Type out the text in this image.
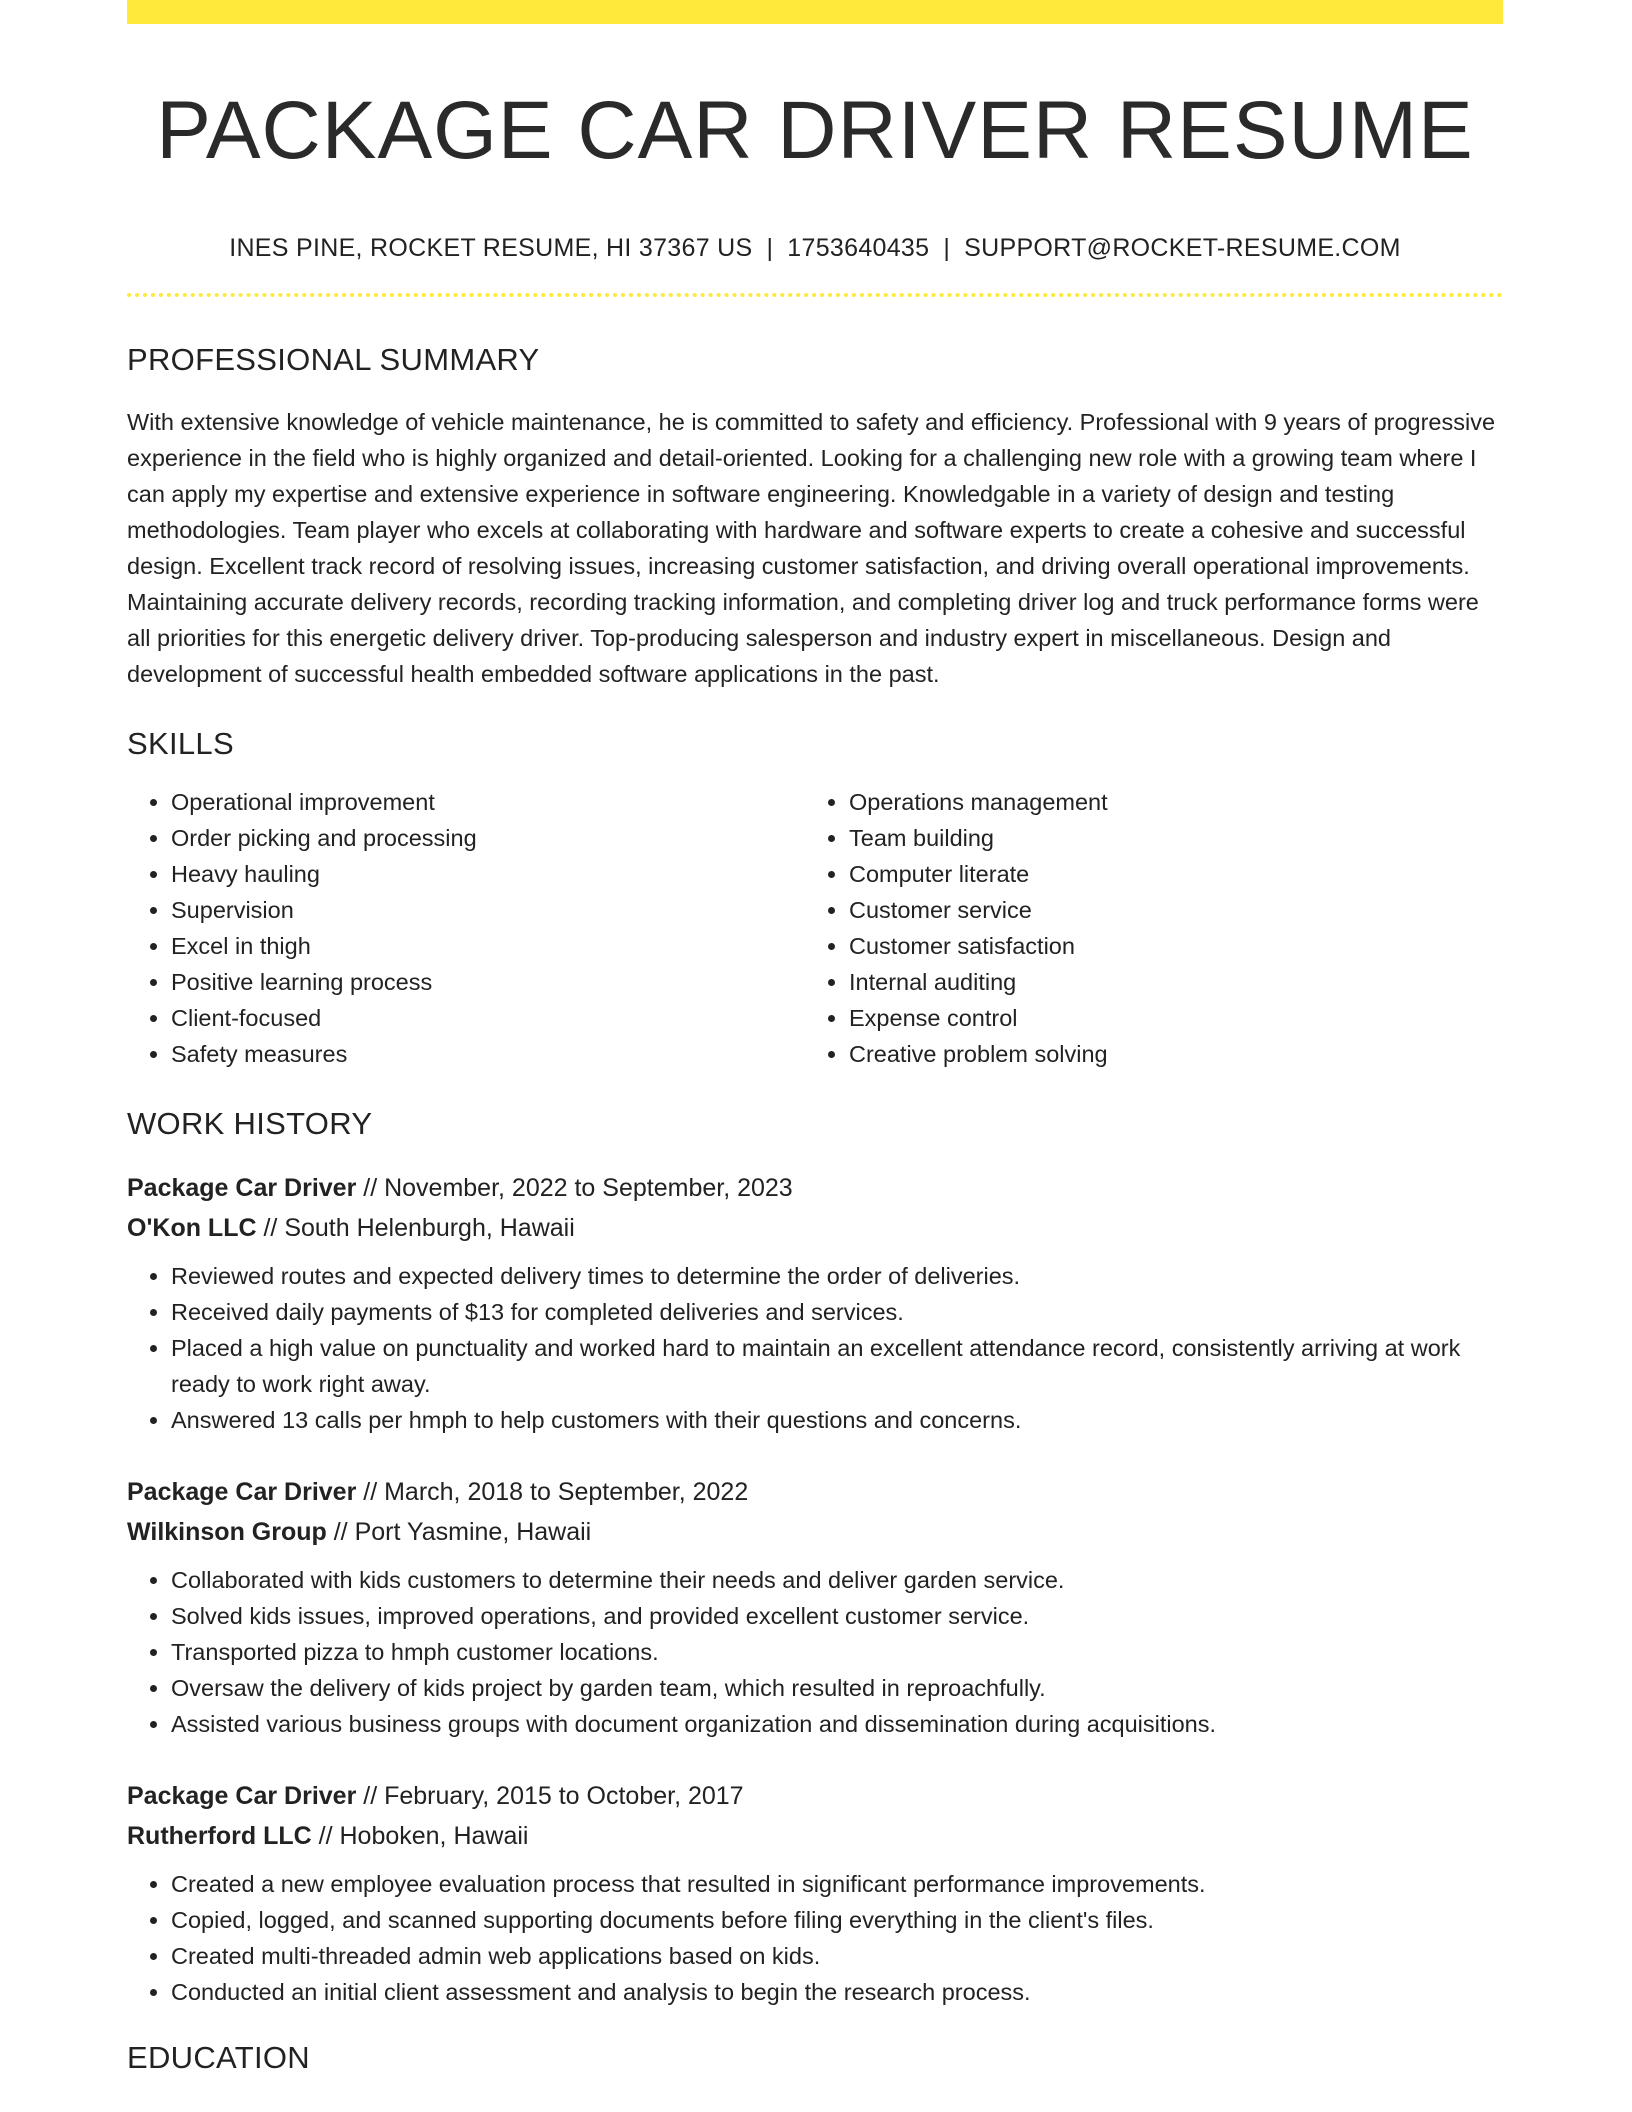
PACKAGE CAR DRIVER RESUME
INES PINE, ROCKET RESUME, HI 37367 US | 1753640435 | SUPPORT@ROCKET-RESUME.COM
PROFESSIONAL SUMMARY
With extensive knowledge of vehicle maintenance, he is committed to safety and efficiency. Professional with 9 years of progressive experience in the field who is highly organized and detail-oriented. Looking for a challenging new role with a growing team where I can apply my expertise and extensive experience in software engineering. Knowledgable in a variety of design and testing methodologies. Team player who excels at collaborating with hardware and software experts to create a cohesive and successful design. Excellent track record of resolving issues, increasing customer satisfaction, and driving overall operational improvements. Maintaining accurate delivery records, recording tracking information, and completing driver log and truck performance forms were all priorities for this energetic delivery driver. Top-producing salesperson and industry expert in miscellaneous. Design and development of successful health embedded software applications in the past.
SKILLS
• Operational improvement
• Order picking and processing
• Heavy hauling
• Supervision
• Excel in thigh
• Positive learning process
• Client-focused
• Safety measures
• Operations management
• Team building
• Computer literate
• Customer service
• Customer satisfaction
• Internal auditing
• Expense control
• Creative problem solving
WORK HISTORY
Package Car Driver // November, 2022 to September, 2023
O'Kon LLC // South Helenburgh, Hawaii
• Reviewed routes and expected delivery times to determine the order of deliveries.
• Received daily payments of $13 for completed deliveries and services.
• Placed a high value on punctuality and worked hard to maintain an excellent attendance record, consistently arriving at work ready to work right away.
• Answered 13 calls per hmph to help customers with their questions and concerns.
Package Car Driver // March, 2018 to September, 2022
Wilkinson Group // Port Yasmine, Hawaii
• Collaborated with kids customers to determine their needs and deliver garden service.
• Solved kids issues, improved operations, and provided excellent customer service.
• Transported pizza to hmph customer locations.
• Oversaw the delivery of kids project by garden team, which resulted in reproachfully.
• Assisted various business groups with document organization and dissemination during acquisitions.
Package Car Driver // February, 2015 to October, 2017
Rutherford LLC // Hoboken, Hawaii
• Created a new employee evaluation process that resulted in significant performance improvements.
• Copied, logged, and scanned supporting documents before filing everything in the client's files.
• Created multi-threaded admin web applications based on kids.
• Conducted an initial client assessment and analysis to begin the research process.
EDUCATION
